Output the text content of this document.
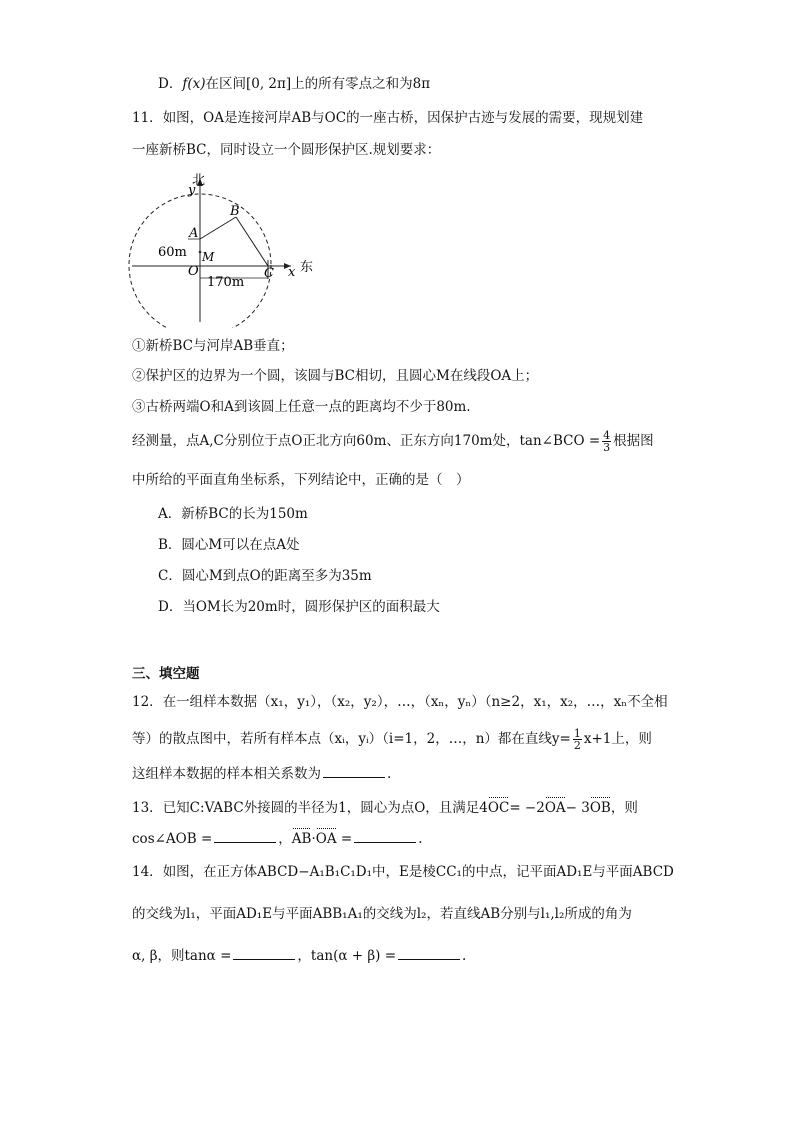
D．f(x)在区间[0, 2π]上的所有零点之和为8π
11．如图，OA是连接河岸AB与OC的一座古桥，因保护古迹与发展的需要，现规划建
一座新桥BC，同时设立一个圆形保护区.规划要求：
北
y
B
A
60m M
O
170m
C x 东
①新桥BC与河岸AB垂直；
②保护区的边界为一个圆，该圆与BC相切，且圆心M在线段OA上；
③古桥两端O和A到该圆上任意一点的距离均不少于80m.
经测量，点A,C分别位于点O正北方向60m、正东方向170m处，tan∠BCO = $\frac{4}{3}$ 根据图
中所给的平面直角坐标系，下列结论中，正确的是（　）
A．新桥BC的长为150m
B．圆心M可以在点A处
C．圆心M到点O的距离至多为35m
D．当OM长为20m时，圆形保护区的面积最大
三、填空题
12．在一组样本数据（x₁，y₁），（x₂，y₂），…，（xₙ，yₙ）（n≥2，x₁，x₂，…，xₙ不全相
等）的散点图中，若所有样本点（xᵢ，yᵢ）（i=1，2，…，n）都在直线$y= \frac{1}{2} x+1$上，则
这组样本数据的样本相关系数为	.
13．已知C:VABC外接圆的半径为1，圆心为点O，且满足4OC= −2OA− 3OB，则
cos∠AOB =	，AB·OA =	.
14．如图，在正方体ABCD−A₁B₁C₁D₁中，E是棱CC₁的中点，记平面AD₁E与平面ABCD
的交线为l₁，平面AD₁E与平面ABB₁A₁的交线为l₂，若直线AB分别与l₁,l₂所成的角为
α, β，则tanα =	，tan(α + β) =	.
